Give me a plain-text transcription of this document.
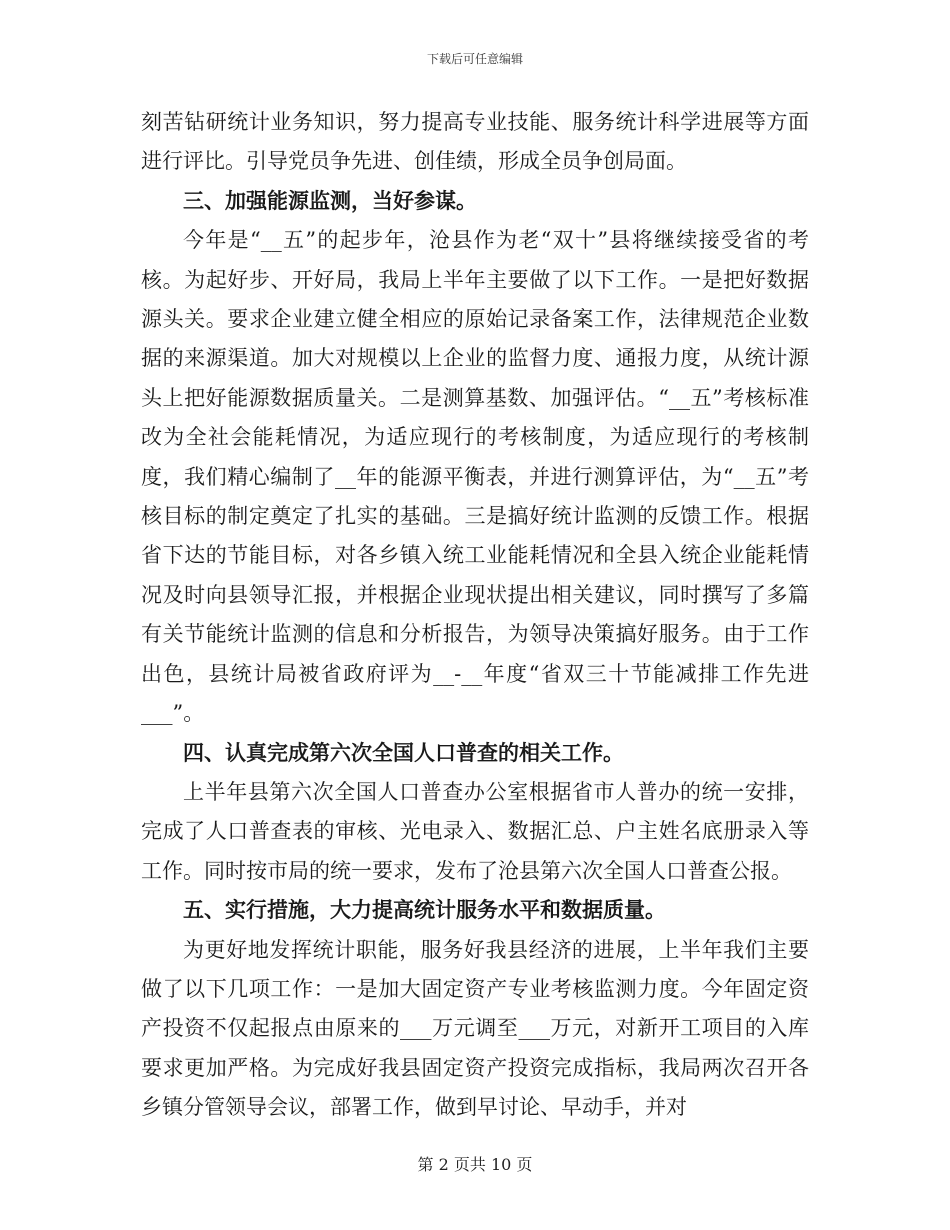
下载后可任意编辑

刻苦钻研统计业务知识，努力提高专业技能、服务统计科学进展等方面进行评比。引导党员争先进、创佳绩，形成全员争创局面。

三、加强能源监测，当好参谋。

今年是“__五”的起步年，沧县作为老“双十”县将继续接受省的考核。为起好步、开好局，我局上半年主要做了以下工作。一是把好数据源头关。要求企业建立健全相应的原始记录备案工作，法律规范企业数据的来源渠道。加大对规模以上企业的监督力度、通报力度，从统计源头上把好能源数据质量关。二是测算基数、加强评估。“__五”考核标准改为全社会能耗情况，为适应现行的考核制度，为适应现行的考核制度，我们精心编制了__年的能源平衡表，并进行测算评估，为“__五”考核目标的制定奠定了扎实的基础。三是搞好统计监测的反馈工作。根据省下达的节能目标，对各乡镇入统工业能耗情况和全县入统企业能耗情况及时向县领导汇报，并根据企业现状提出相关建议，同时撰写了多篇有关节能统计监测的信息和分析报告，为领导决策搞好服务。由于工作出色，县统计局被省政府评为__-__年度“省双三十节能减排工作先进___”。

四、认真完成第六次全国人口普查的相关工作。

上半年县第六次全国人口普查办公室根据省市人普办的统一安排，完成了人口普查表的审核、光电录入、数据汇总、户主姓名底册录入等工作。同时按市局的统一要求，发布了沧县第六次全国人口普查公报。

五、实行措施，大力提高统计服务水平和数据质量。

为更好地发挥统计职能，服务好我县经济的进展，上半年我们主要做了以下几项工作：一是加大固定资产专业考核监测力度。今年固定资产投资不仅起报点由原来的___万元调至___万元，对新开工项目的入库要求更加严格。为完成好我县固定资产投资完成指标，我局两次召开各乡镇分管领导会议，部署工作，做到早讨论、早动手，并对

第 2 页共 10 页
